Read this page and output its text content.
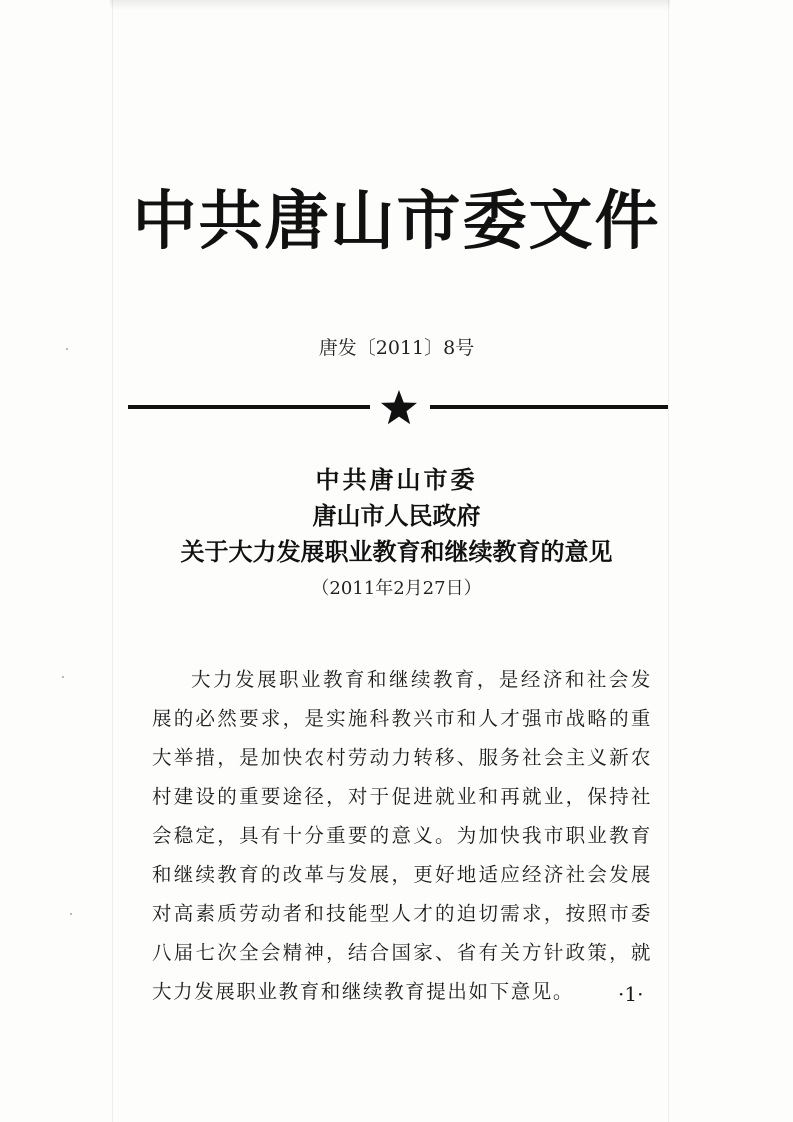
中共唐山市委文件
唐发〔2011〕8号
中共唐山市委
唐山市人民政府
关于大力发展职业教育和继续教育的意见
（2011年2月27日）

大力发展职业教育和继续教育，是经济和社会发展的必然要求，是实施科教兴市和人才强市战略的重大举措，是加快农村劳动力转移、服务社会主义新农村建设的重要途径，对于促进就业和再就业，保持社会稳定，具有十分重要的意义。为加快我市职业教育和继续教育的改革与发展，更好地适应经济社会发展对高素质劳动者和技能型人才的迫切需求，按照市委八届七次全会精神，结合国家、省有关方针政策，就大力发展职业教育和继续教育提出如下意见。	·1·
